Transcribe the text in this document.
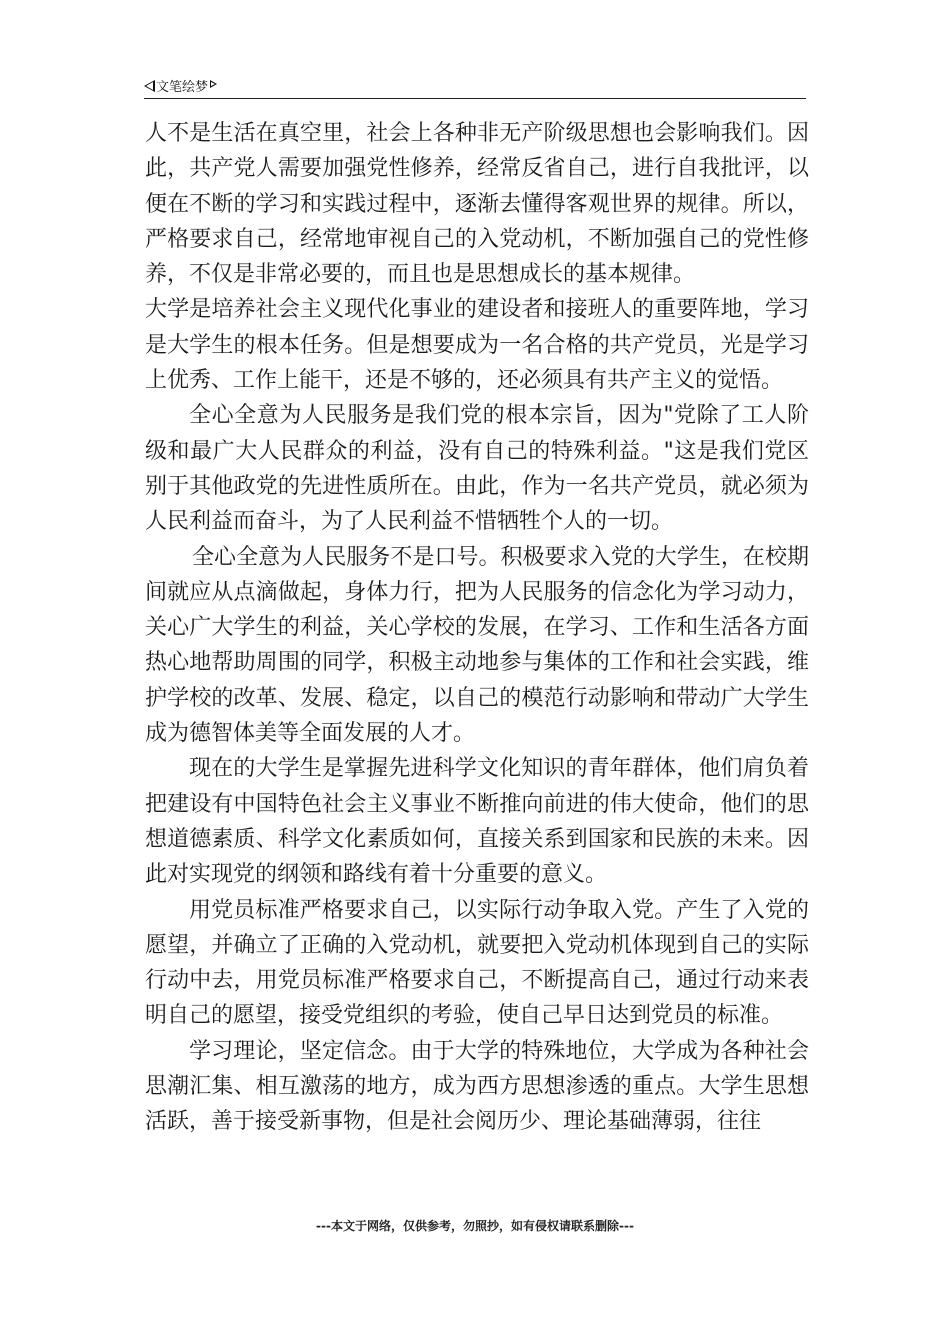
文笔绘梦

人不是生活在真空里，社会上各种非无产阶级思想也会影响我们。因此，共产党人需要加强党性修养，经常反省自己，进行自我批评，以便在不断的学习和实践过程中，逐渐去懂得客观世界的规律。所以，严格要求自己，经常地审视自己的入党动机，不断加强自己的党性修养，不仅是非常必要的，而且也是思想成长的基本规律。

大学是培养社会主义现代化事业的建设者和接班人的重要阵地，学习是大学生的根本任务。但是想要成为一名合格的共产党员，光是学习上优秀、工作上能干，还是不够的，还必须具有共产主义的觉悟。

全心全意为人民服务是我们党的根本宗旨，因为"党除了工人阶级和最广大人民群众的利益，没有自己的特殊利益。"这是我们党区别于其他政党的先进性质所在。由此，作为一名共产党员，就必须为人民利益而奋斗，为了人民利益不惜牺牲个人的一切。

全心全意为人民服务不是口号。积极要求入党的大学生，在校期间就应从点滴做起，身体力行，把为人民服务的信念化为学习动力，关心广大学生的利益，关心学校的发展，在学习、工作和生活各方面热心地帮助周围的同学，积极主动地参与集体的工作和社会实践，维护学校的改革、发展、稳定，以自己的模范行动影响和带动广大学生成为德智体美等全面发展的人才。

现在的大学生是掌握先进科学文化知识的青年群体，他们肩负着把建设有中国特色社会主义事业不断推向前进的伟大使命，他们的思想道德素质、科学文化素质如何，直接关系到国家和民族的未来。因此对实现党的纲领和路线有着十分重要的意义。

用党员标准严格要求自己，以实际行动争取入党。产生了入党的愿望，并确立了正确的入党动机，就要把入党动机体现到自己的实际行动中去，用党员标准严格要求自己，不断提高自己，通过行动来表明自己的愿望，接受党组织的考验，使自己早日达到党员的标准。

学习理论，坚定信念。由于大学的特殊地位，大学成为各种社会思潮汇集、相互激荡的地方，成为西方思想渗透的重点。大学生思想活跃，善于接受新事物，但是社会阅历少、理论基础薄弱，往往

---本文于网络，仅供参考，勿照抄，如有侵权请联系删除---
